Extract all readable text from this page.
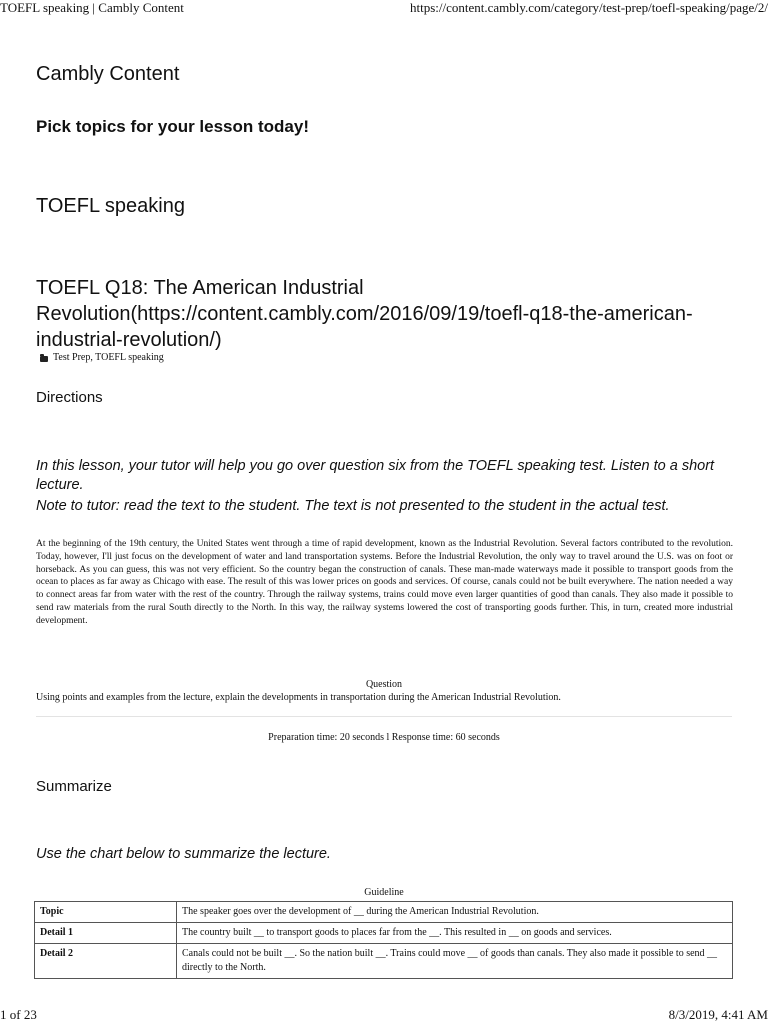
TOEFL speaking | Cambly Content	https://content.cambly.com/category/test-prep/toefl-speaking/page/2/
Cambly Content
Pick topics for your lesson today!
TOEFL speaking
TOEFL Q18: The American Industrial Revolution(https://content.cambly.com/2016/09/19/toefl-q18-the-american-industrial-revolution/)
Test Prep, TOEFL speaking
Directions

In this lesson, your tutor will help you go over question six from the TOEFL speaking test. Listen to a short lecture.

Note to tutor: read the text to the student. The text is not presented to the student in the actual test.

At the beginning of the 19th century, the United States went through a time of rapid development, known as the Industrial Revolution. Several factors contributed to the revolution. Today, however, I'll just focus on the development of water and land transportation systems. Before the Industrial Revolution, the only way to travel around the U.S. was on foot or horseback. As you can guess, this was not very efficient. So the country began the construction of canals. These man-made waterways made it possible to transport goods from the ocean to places as far away as Chicago with ease. The result of this was lower prices on goods and services. Of course, canals could not be built everywhere. The nation needed a way to connect areas far from water with the rest of the country. Through the railway systems, trains could move even larger quantities of good than canals. They also made it possible to send raw materials from the rural South directly to the North. In this way, the railway systems lowered the cost of transporting goods further. This, in turn, created more industrial development.

Question
Using points and examples from the lecture, explain the developments in transportation during the American Industrial Revolution.
Preparation time: 20 seconds l Response time: 60 seconds
Summarize

Use the chart below to summarize the lecture.

Guideline
Topic	The speaker goes over the development of __ during the American Industrial Revolution.
Detail 1	The country built __ to transport goods to places far from the __. This resulted in __ on goods and services.
Detail 2	Canals could not be built __. So the nation built __. Trains could move __ of goods than canals. They also made it possible to send __ directly to the North.
1 of 23	8/3/2019, 4:41 AM
